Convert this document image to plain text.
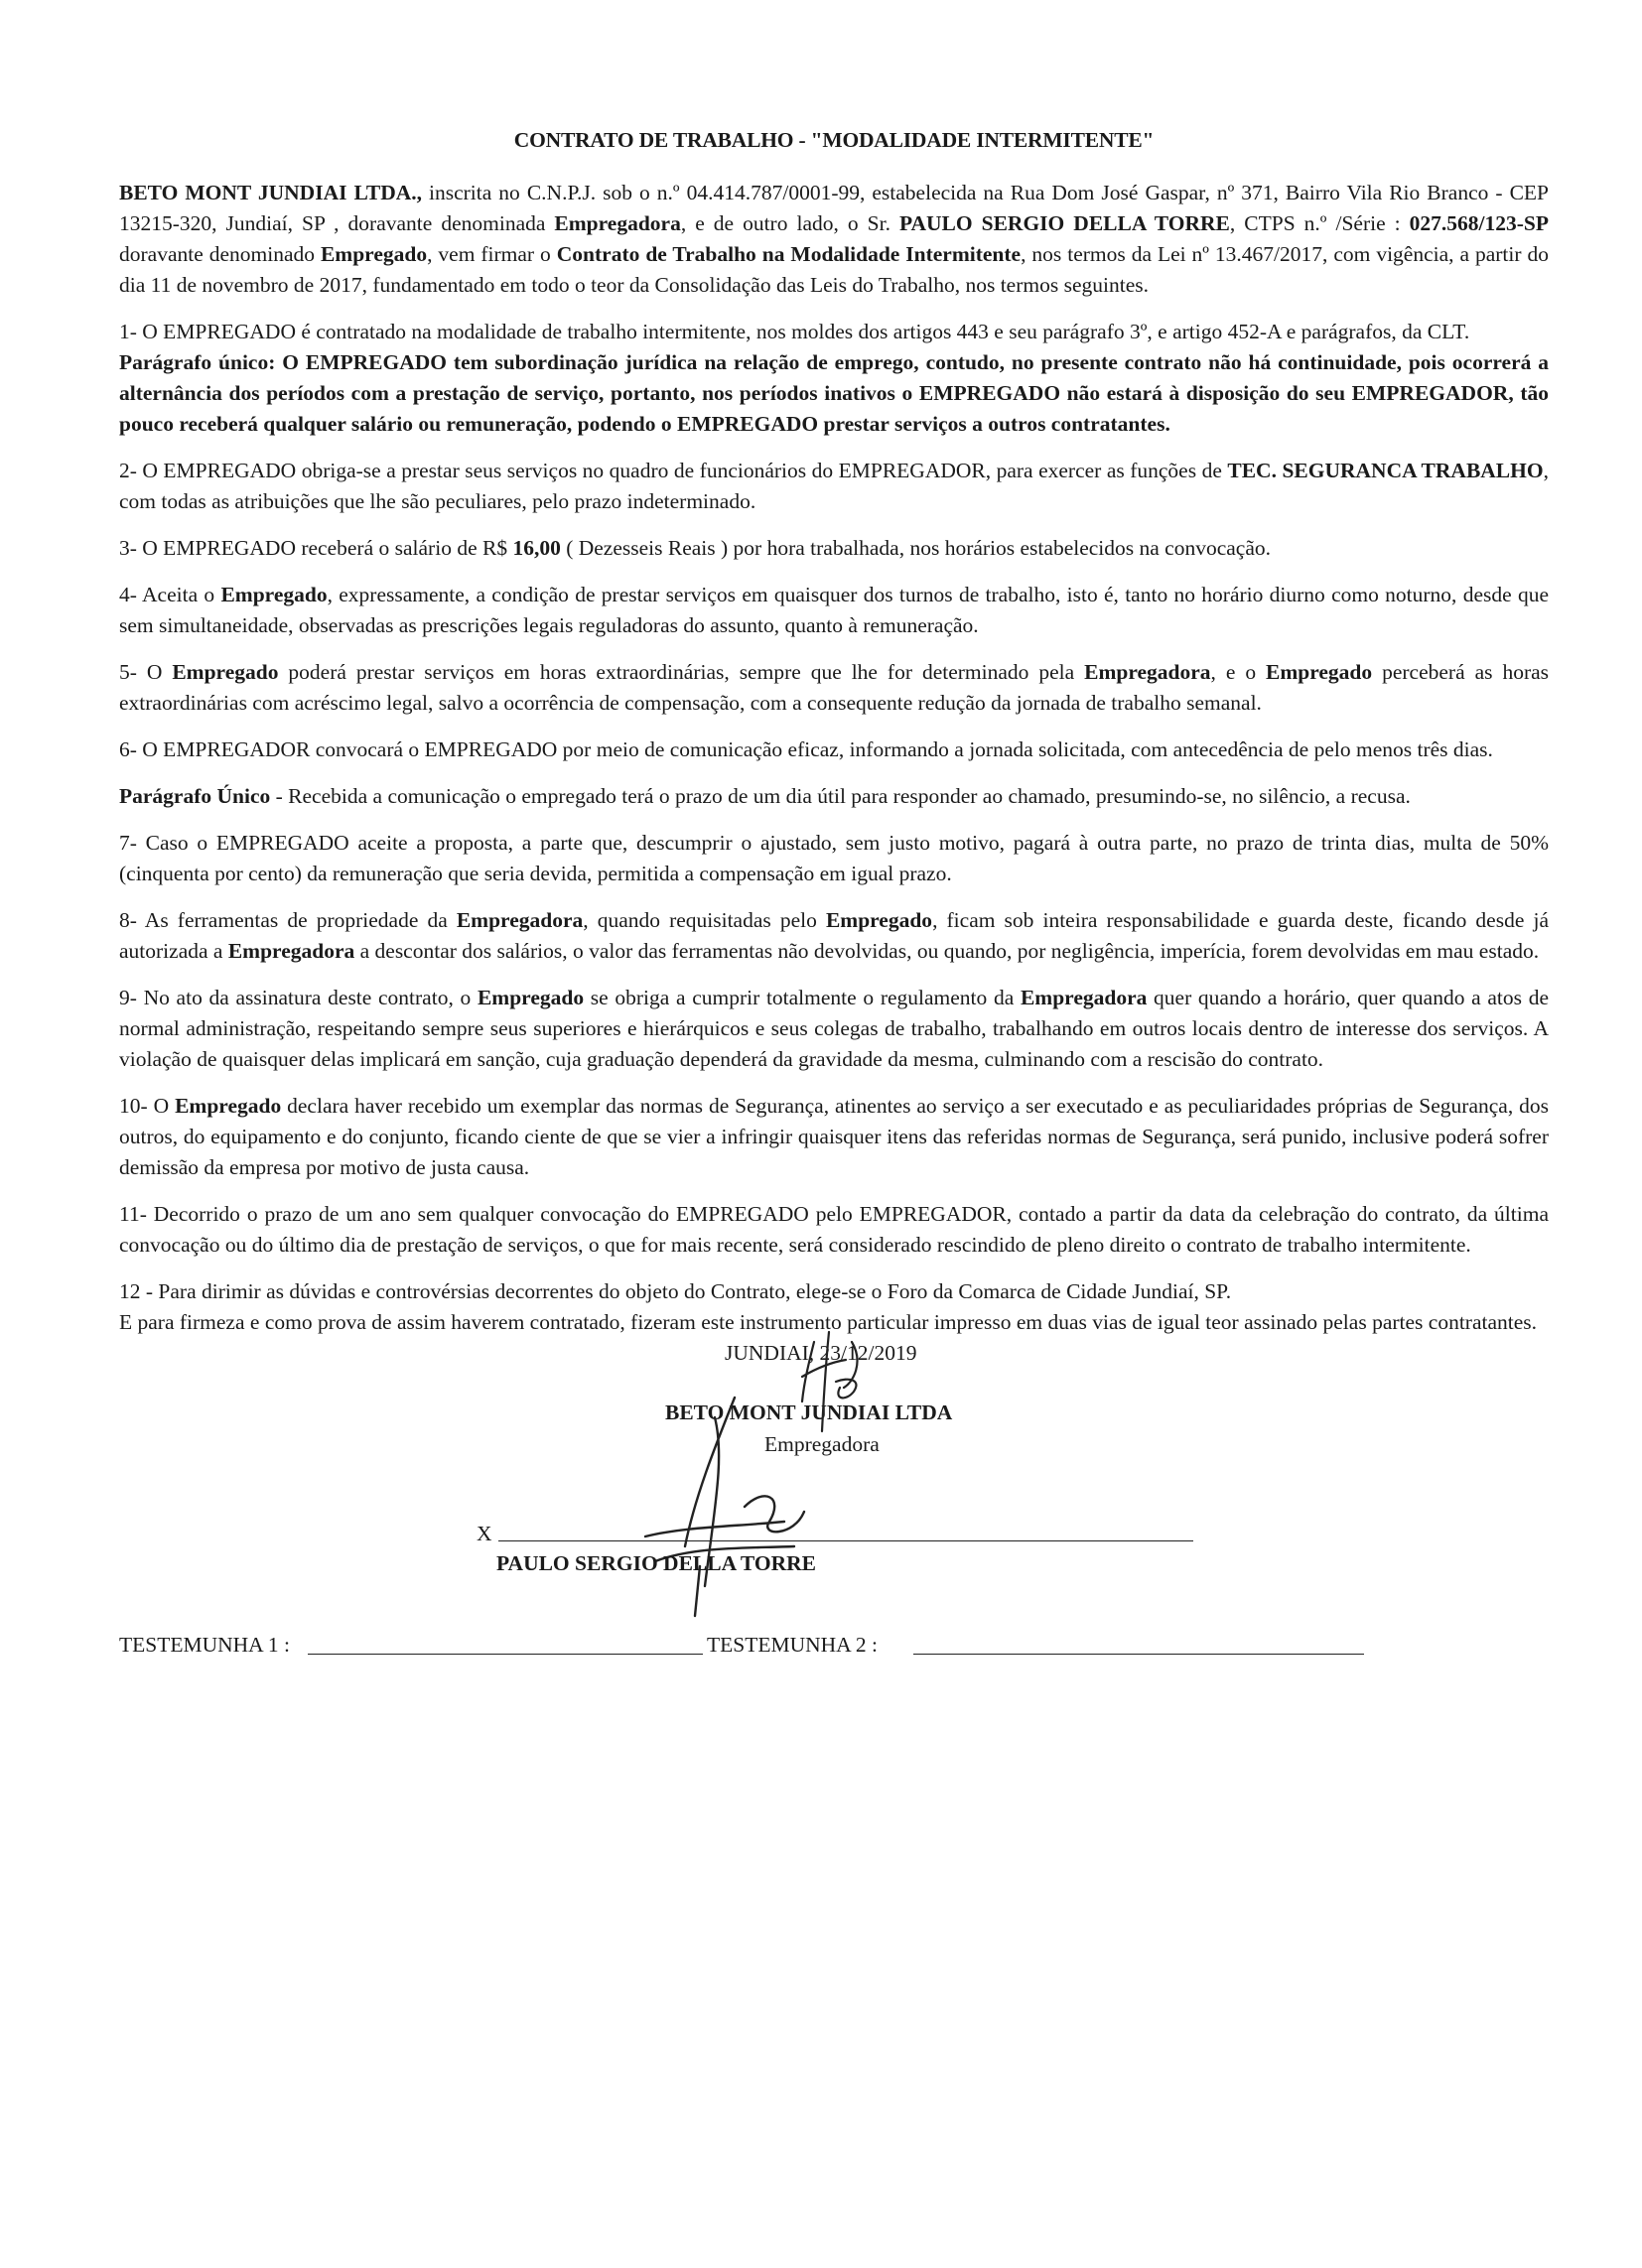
CONTRATO DE TRABALHO - "MODALIDADE INTERMITENTE"

BETO MONT JUNDIAI LTDA., inscrita no C.N.P.J. sob o n.º 04.414.787/0001-99, estabelecida na Rua Dom José Gaspar, nº 371, Bairro Vila Rio Branco - CEP 13215-320, Jundiaí, SP , doravante denominada Empregadora, e de outro lado, o Sr. PAULO SERGIO DELLA TORRE, CTPS n.º /Série : 027.568/123-SP doravante denominado Empregado, vem firmar o Contrato de Trabalho na Modalidade Intermitente, nos termos da Lei nº 13.467/2017, com vigência, a partir do dia 11 de novembro de 2017, fundamentado em todo o teor da Consolidação das Leis do Trabalho, nos termos seguintes.

1- O EMPREGADO é contratado na modalidade de trabalho intermitente, nos moldes dos artigos 443 e seu parágrafo 3º, e artigo 452-A e parágrafos, da CLT.

Parágrafo único: O EMPREGADO tem subordinação jurídica na relação de emprego, contudo, no presente contrato não há continuidade, pois ocorrerá a alternância dos períodos com a prestação de serviço, portanto, nos períodos inativos o EMPREGADO não estará à disposição do seu EMPREGADOR, tão pouco receberá qualquer salário ou remuneração, podendo o EMPREGADO prestar serviços a outros contratantes.

2- O EMPREGADO obriga-se a prestar seus serviços no quadro de funcionários do EMPREGADOR, para exercer as funções de TEC. SEGURANCA TRABALHO, com todas as atribuições que lhe são peculiares, pelo prazo indeterminado.

3- O EMPREGADO receberá o salário de R$ 16,00 ( Dezesseis Reais ) por hora trabalhada, nos horários estabelecidos na convocação.

4- Aceita o Empregado, expressamente, a condição de prestar serviços em quaisquer dos turnos de trabalho, isto é, tanto no horário diurno como noturno, desde que sem simultaneidade, observadas as prescrições legais reguladoras do assunto, quanto à remuneração.

5- O Empregado poderá prestar serviços em horas extraordinárias, sempre que lhe for determinado pela Empregadora, e o Empregado perceberá as horas extraordinárias com acréscimo legal, salvo a ocorrência de compensação, com a consequente redução da jornada de trabalho semanal.

6- O EMPREGADOR convocará o EMPREGADO por meio de comunicação eficaz, informando a jornada solicitada, com antecedência de pelo menos três dias.

Parágrafo Único - Recebida a comunicação o empregado terá o prazo de um dia útil para responder ao chamado, presumindo-se, no silêncio, a recusa.

7- Caso o EMPREGADO aceite a proposta, a parte que, descumprir o ajustado, sem justo motivo, pagará à outra parte, no prazo de trinta dias, multa de 50% (cinquenta por cento) da remuneração que seria devida, permitida a compensação em igual prazo.

8- As ferramentas de propriedade da Empregadora, quando requisitadas pelo Empregado, ficam sob inteira responsabilidade e guarda deste, ficando desde já autorizada a Empregadora a descontar dos salários, o valor das ferramentas não devolvidas, ou quando, por negligência, imperícia, forem devolvidas em mau estado.

9- No ato da assinatura deste contrato, o Empregado se obriga a cumprir totalmente o regulamento da Empregadora quer quando a horário, quer quando a atos de normal administração, respeitando sempre seus superiores e hierárquicos e seus colegas de trabalho, trabalhando em outros locais dentro de interesse dos serviços. A violação de quaisquer delas implicará em sanção, cuja graduação dependerá da gravidade da mesma, culminando com a rescisão do contrato.

10- O Empregado declara haver recebido um exemplar das normas de Segurança, atinentes ao serviço a ser executado e as peculiaridades próprias de Segurança, dos outros, do equipamento e do conjunto, ficando ciente de que se vier a infringir quaisquer itens das referidas normas de Segurança, será punido, inclusive poderá sofrer demissão da empresa por motivo de justa causa.

11- Decorrido o prazo de um ano sem qualquer convocação do EMPREGADO pelo EMPREGADOR, contado a partir da data da celebração do contrato, da última convocação ou do último dia de prestação de serviços, o que for mais recente, será considerado rescindido de pleno direito o contrato de trabalho intermitente.

12 - Para dirimir as dúvidas e controvérsias decorrentes do objeto do Contrato, elege-se o Foro da Comarca de Cidade Jundiaí, SP.

E para firmeza e como prova de assim haverem contratado, fizeram este instrumento particular impresso em duas vias de igual teor assinado pelas partes contratantes.

JUNDIAI, 23/12/2019
BETO MONT JUNDIAI LTDA
Empregadora
X
PAULO SERGIO DELLA TORRE
TESTEMUNHA 1 :	TESTEMUNHA 2 :
